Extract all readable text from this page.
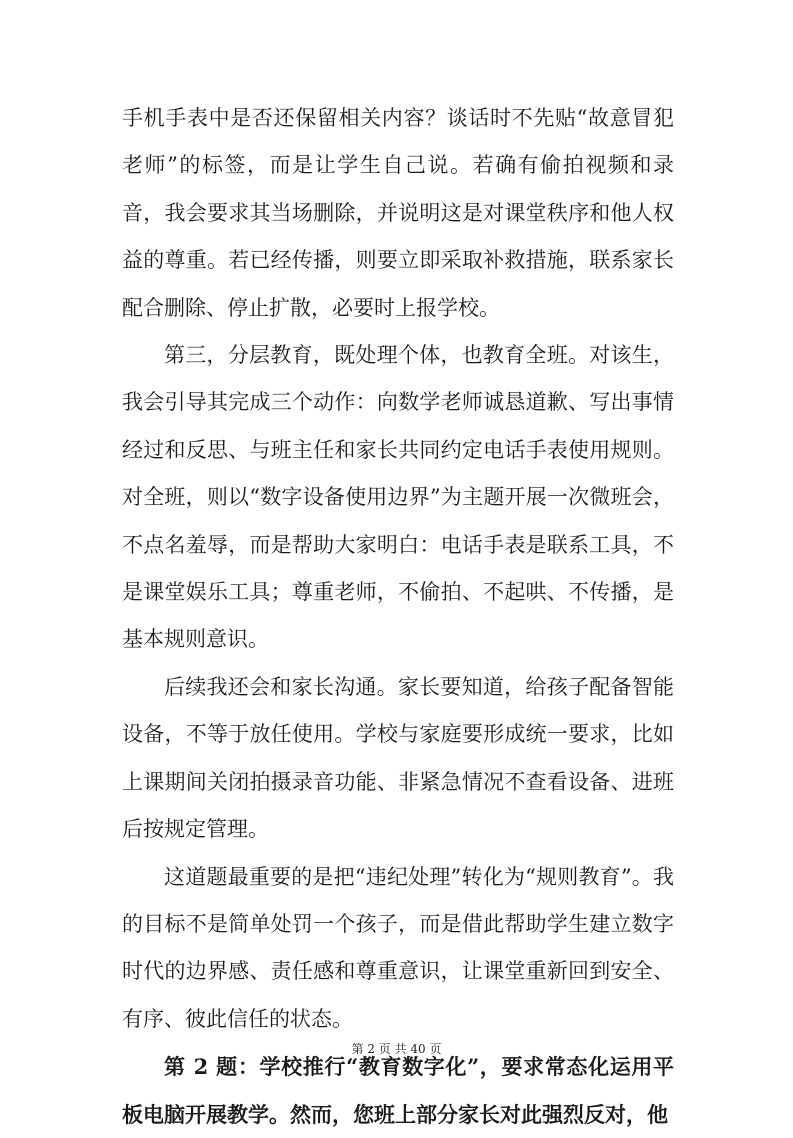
手机手表中是否还保留相关内容？谈话时不先贴“故意冒犯老师”的标签，而是让学生自己说。若确有偷拍视频和录音，我会要求其当场删除，并说明这是对课堂秩序和他人权益的尊重。若已经传播，则要立即采取补救措施，联系家长配合删除、停止扩散，必要时上报学校。

第三，分层教育，既处理个体，也教育全班。对该生，我会引导其完成三个动作：向数学老师诚恳道歉、写出事情经过和反思、与班主任和家长共同约定电话手表使用规则。对全班，则以“数字设备使用边界”为主题开展一次微班会，不点名羞辱，而是帮助大家明白：电话手表是联系工具，不是课堂娱乐工具；尊重老师，不偷拍、不起哄、不传播，是基本规则意识。

后续我还会和家长沟通。家长要知道，给孩子配备智能设备，不等于放任使用。学校与家庭要形成统一要求，比如上课期间关闭拍摄录音功能、非紧急情况不查看设备、进班后按规定管理。

这道题最重要的是把“违纪处理”转化为“规则教育”。我的目标不是简单处罚一个孩子，而是借此帮助学生建立数字时代的边界感、责任感和尊重意识，让课堂重新回到安全、有序、彼此信任的状态。

第 2 题：学校推行“教育数字化”，要求常态化运用平板电脑开展教学。然而，您班上部分家长对此强烈反对，他

第 2 页 共 40 页
